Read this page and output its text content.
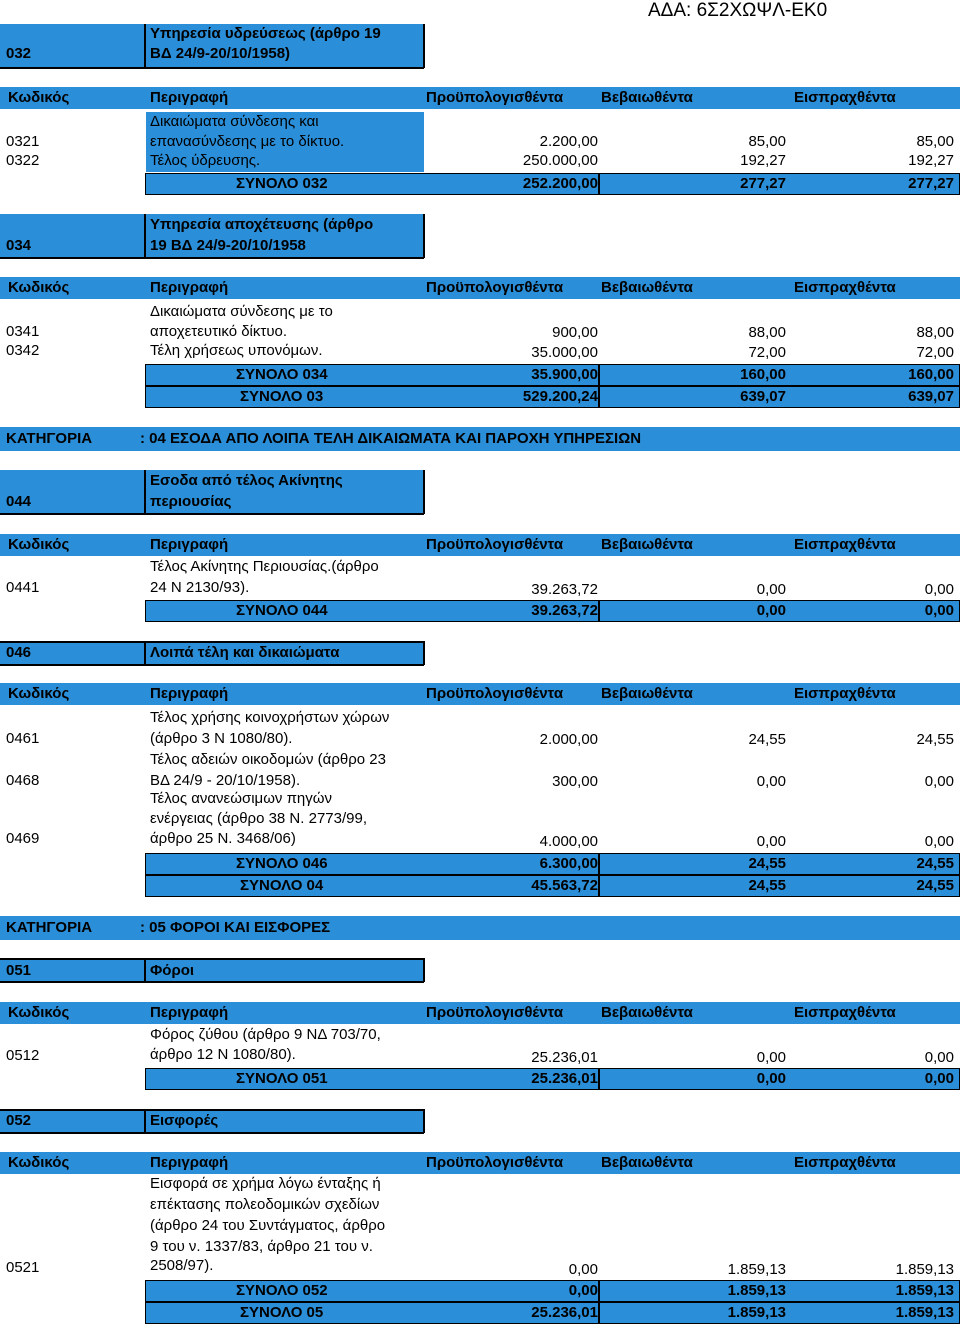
ΑΔΑ: 6Σ2ΧΩΨΛ-ΕΚ0
032
Υπηρεσία υδρεύσεως (άρθρο 19
ΒΔ 24/9-20/10/1958)
Κωδικός	Περιγραφή	Προϋπολογισθέντα	Βεβαιωθέντα	Εισπραχθέντα
Δικαιώματα σύνδεσης και
0321	επανασύνδεσης με το δίκτυο.	2.200,00	85,00	85,00
0322	Τέλος ύδρευσης.	250.000,00	192,27	192,27
ΣΥΝΟΛΟ 032	252.200,00	277,27	277,27
034
Υπηρεσία αποχέτευσης (άρθρο
19 ΒΔ 24/9-20/10/1958
Κωδικός	Περιγραφή	Προϋπολογισθέντα	Βεβαιωθέντα	Εισπραχθέντα
Δικαιώματα σύνδεσης με το
0341	αποχετευτικό δίκτυο.	900,00	88,00	88,00
0342	Τέλη χρήσεως υπονόμων.	35.000,00	72,00	72,00
ΣΥΝΟΛΟ 034	35.900,00	160,00	160,00
ΣΥΝΟΛΟ 03	529.200,24	639,07	639,07
ΚΑΤΗΓΟΡΙΑ	: 04 ΕΣΟΔΑ ΑΠΟ ΛΟΙΠΑ ΤΕΛΗ ΔΙΚΑΙΩΜΑΤΑ ΚΑΙ ΠΑΡΟΧΗ ΥΠΗΡΕΣΙΩΝ
044
Εσοδα από τέλος Ακίνητης
περιουσίας
Κωδικός	Περιγραφή	Προϋπολογισθέντα	Βεβαιωθέντα	Εισπραχθέντα
Τέλος Ακίνητης Περιουσίας.(άρθρο
0441	24 Ν 2130/93).	39.263,72	0,00	0,00
ΣΥΝΟΛΟ 044	39.263,72	0,00	0,00
046	Λοιπά τέλη και δικαιώματα
Κωδικός	Περιγραφή	Προϋπολογισθέντα	Βεβαιωθέντα	Εισπραχθέντα
Τέλος χρήσης κοινοχρήστων χώρων
0461	(άρθρο 3 Ν 1080/80).	2.000,00	24,55	24,55
Τέλος αδειών οικοδομών (άρθρο 23
0468	ΒΔ 24/9 - 20/10/1958).	300,00	0,00	0,00
Τέλος ανανεώσιμων πηγών
ενέργειας (άρθρο 38 Ν. 2773/99,
0469	άρθρο 25 Ν. 3468/06)	4.000,00	0,00	0,00
ΣΥΝΟΛΟ 046	6.300,00	24,55	24,55
ΣΥΝΟΛΟ 04	45.563,72	24,55	24,55
ΚΑΤΗΓΟΡΙΑ	: 05 ΦΟΡΟΙ ΚΑΙ ΕΙΣΦΟΡΕΣ
051	Φόροι
Κωδικός	Περιγραφή	Προϋπολογισθέντα	Βεβαιωθέντα	Εισπραχθέντα
Φόρος ζύθου (άρθρο 9 ΝΔ 703/70,
0512	άρθρο 12 Ν 1080/80).	25.236,01	0,00	0,00
ΣΥΝΟΛΟ 051	25.236,01	0,00	0,00
052	Εισφορές
Κωδικός	Περιγραφή	Προϋπολογισθέντα	Βεβαιωθέντα	Εισπραχθέντα
Εισφορά σε χρήμα λόγω ένταξης ή
επέκτασης πολεοδομικών σχεδίων
(άρθρο 24 του Συντάγματος, άρθρο
9 του ν. 1337/83, άρθρο 21 του ν.
0521	2508/97).	0,00	1.859,13	1.859,13
ΣΥΝΟΛΟ 052	0,00	1.859,13	1.859,13
ΣΥΝΟΛΟ 05	25.236,01	1.859,13	1.859,13
